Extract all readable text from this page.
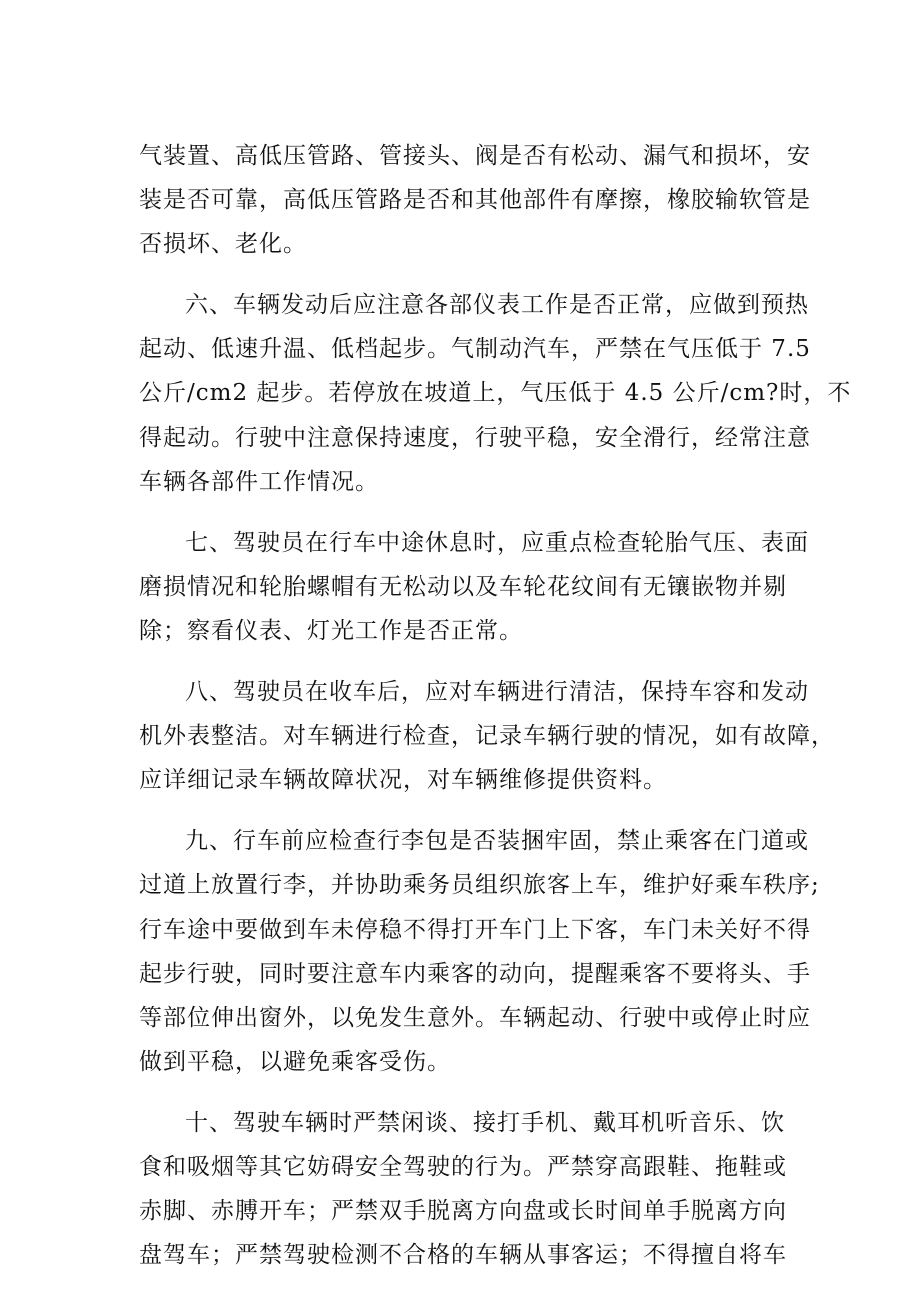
气装置、高低压管路、管接头、阀是否有松动、漏气和损坏，安
装是否可靠，高低压管路是否和其他部件有摩擦，橡胶输软管是
否损坏、老化。
六、车辆发动后应注意各部仪表工作是否正常，应做到预热
起动、低速升温、低档起步。气制动汽车，严禁在气压低于 7.5
公斤/cm2 起步。若停放在坡道上，气压低于 4.5 公斤/cm?时，不
得起动。行驶中注意保持速度，行驶平稳，安全滑行，经常注意
车辆各部件工作情况。
七、驾驶员在行车中途休息时，应重点检查轮胎气压、表面
磨损情况和轮胎螺帽有无松动以及车轮花纹间有无镶嵌物并剔
除；察看仪表、灯光工作是否正常。
八、驾驶员在收车后，应对车辆进行清洁，保持车容和发动
机外表整洁。对车辆进行检查，记录车辆行驶的情况，如有故障，
应详细记录车辆故障状况，对车辆维修提供资料。
九、行车前应检查行李包是否装捆牢固，禁止乘客在门道或
过道上放置行李，并协助乘务员组织旅客上车，维护好乘车秩序;
行车途中要做到车未停稳不得打开车门上下客，车门未关好不得
起步行驶，同时要注意车内乘客的动向，提醒乘客不要将头、手
等部位伸出窗外，以免发生意外。车辆起动、行驶中或停止时应
做到平稳，以避免乘客受伤。
十、驾驶车辆时严禁闲谈、接打手机、戴耳机听音乐、饮
食和吸烟等其它妨碍安全驾驶的行为。严禁穿高跟鞋、拖鞋或
赤脚、赤膊开车；严禁双手脱离方向盘或长时间单手脱离方向
盘驾车；严禁驾驶检测不合格的车辆从事客运；不得擅自将车
